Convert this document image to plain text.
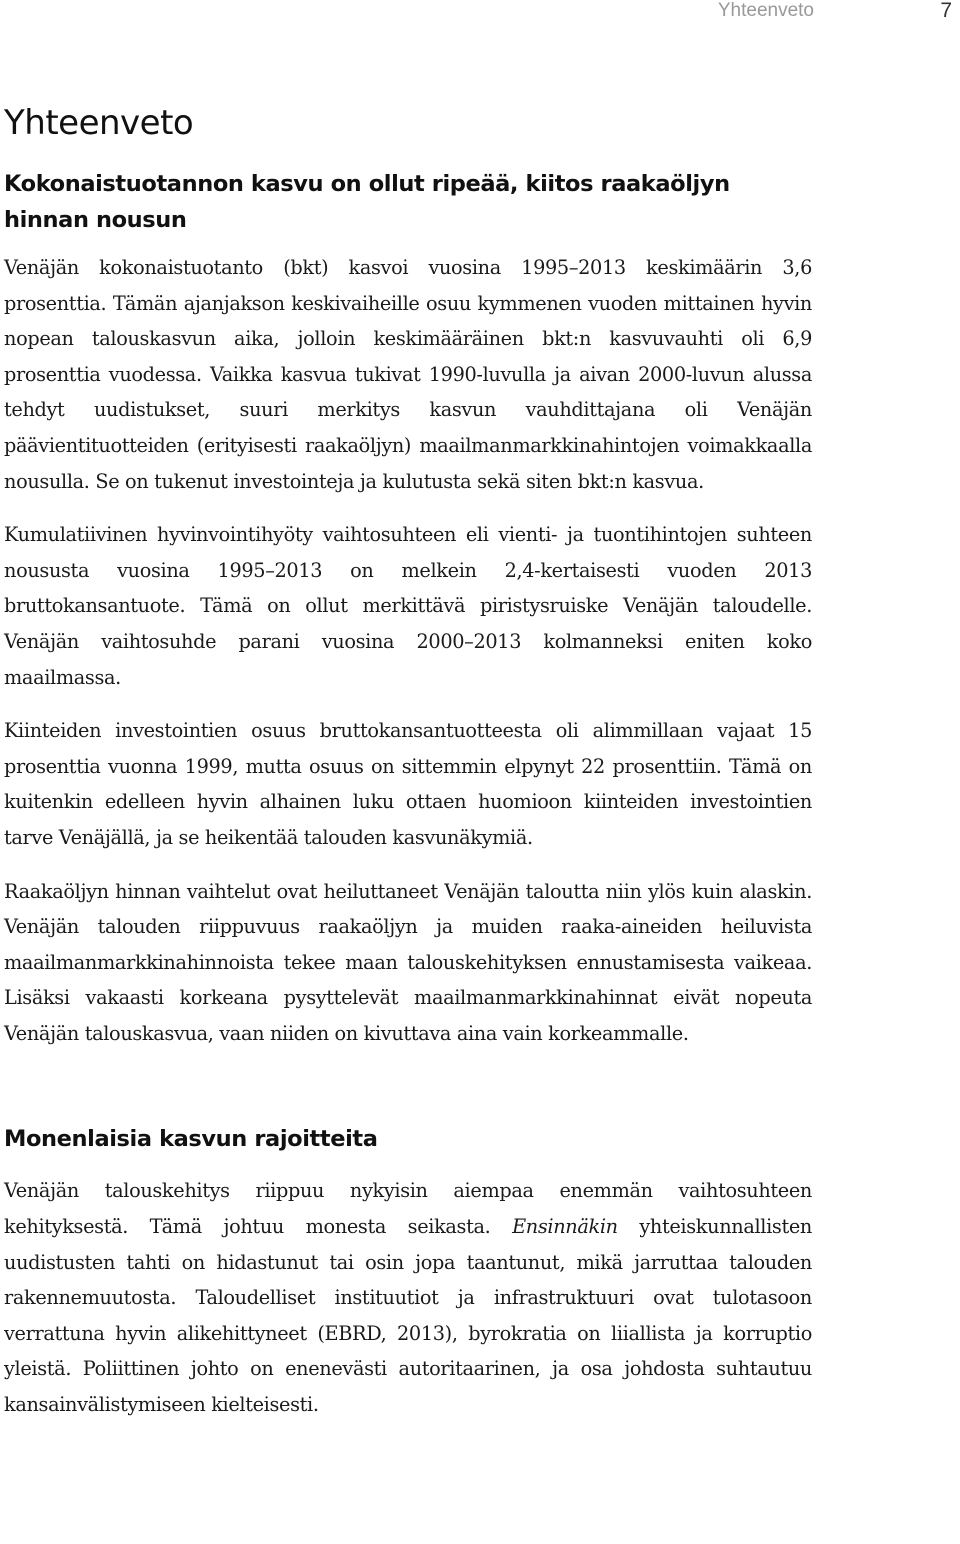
Yhteenveto	7
Yhteenveto
Kokonaistuotannon kasvu on ollut ripeää, kiitos raakaöljyn hinnan nousun

Venäjän kokonaistuotanto (bkt) kasvoi vuosina 1995–2013 keskimäärin 3,6 prosenttia. Tämän ajanjakson keskivaiheille osuu kymmenen vuoden mittainen hyvin nopean talouskasvun aika, jolloin keskimääräinen bkt:n kasvuvauhti oli 6,9 prosenttia vuodessa. Vaikka kasvua tukivat 1990-luvulla ja aivan 2000-luvun alussa tehdyt uudistukset, suuri merkitys kasvun vauhdittajana oli Venäjän päävientituotteiden (erityisesti raakaöljyn) maailmanmarkkinahintojen voimakkaalla nousulla. Se on tukenut investointeja ja kulutusta sekä siten bkt:n kasvua.

Kumulatiivinen hyvinvointihyöty vaihtosuhteen eli vienti- ja tuontihintojen suhteen noususta vuosina 1995–2013 on melkein 2,4-kertaisesti vuoden 2013 bruttokansantuote. Tämä on ollut merkittävä piristysruiske Venäjän taloudelle. Venäjän vaihtosuhde parani vuosina 2000–2013 kolmanneksi eniten koko maailmassa.

Kiinteiden investointien osuus bruttokansantuotteesta oli alimmillaan vajaat 15 prosenttia vuonna 1999, mutta osuus on sittemmin elpynyt 22 prosenttiin. Tämä on kuitenkin edelleen hyvin alhainen luku ottaen huomioon kiinteiden investointien tarve Venäjällä, ja se heikentää talouden kasvunäkymiä.

Raakaöljyn hinnan vaihtelut ovat heiluttaneet Venäjän taloutta niin ylös kuin alaskin. Venäjän talouden riippuvuus raakaöljyn ja muiden raaka-aineiden heiluvista maailmanmarkkinahinnoista tekee maan talouskehityksen ennustamisesta vaikeaa. Lisäksi vakaasti korkeana pysyttelevät maailmanmarkkinahinnat eivät nopeuta Venäjän talouskasvua, vaan niiden on kivuttava aina vain korkeammalle.

Monenlaisia kasvun rajoitteita

Venäjän talouskehitys riippuu nykyisin aiempaa enemmän vaihtosuhteen kehityksestä. Tämä johtuu monesta seikasta. Ensinnäkin yhteiskunnallisten uudistusten tahti on hidastunut tai osin jopa taantunut, mikä jarruttaa talouden rakennemuutosta. Taloudelliset instituutiot ja infrastruktuuri ovat tulotasoon verrattuna hyvin alikehittyneet (EBRD, 2013), byrokratia on liiallista ja korruptio yleistä. Poliittinen johto on enenevästi autoritaarinen, ja osa johdosta suhtautuu kansainvälistymiseen kielteisesti.
